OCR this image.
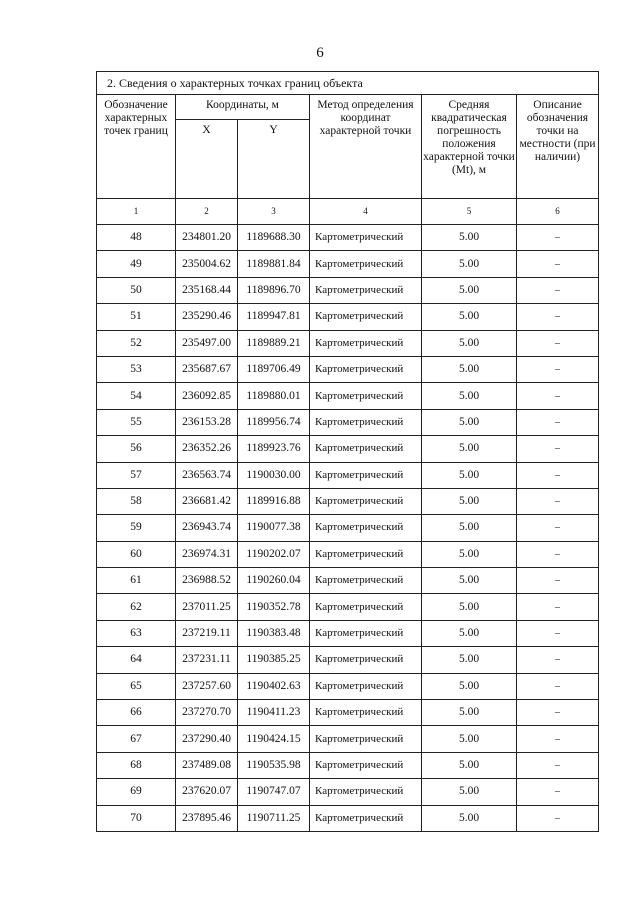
6
2. Сведения о характерных точках границ объекта					
Обозначение характерных точек границ	Координаты, м		Метод определения координат характерной точки	Средняя квадратическая погрешность положения характерной точки (Mt), м	Описание обозначения точки на местности (при наличии)
	X	Y			
1	2	3	4	5	6
48	234801.20	1189688.30	Картометрический	5.00	–
49	235004.62	1189881.84	Картометрический	5.00	–
50	235168.44	1189896.70	Картометрический	5.00	–
51	235290.46	1189947.81	Картометрический	5.00	–
52	235497.00	1189889.21	Картометрический	5.00	–
53	235687.67	1189706.49	Картометрический	5.00	–
54	236092.85	1189880.01	Картометрический	5.00	–
55	236153.28	1189956.74	Картометрический	5.00	–
56	236352.26	1189923.76	Картометрический	5.00	–
57	236563.74	1190030.00	Картометрический	5.00	–
58	236681.42	1189916.88	Картометрический	5.00	–
59	236943.74	1190077.38	Картометрический	5.00	–
60	236974.31	1190202.07	Картометрический	5.00	–
61	236988.52	1190260.04	Картометрический	5.00	–
62	237011.25	1190352.78	Картометрический	5.00	–
63	237219.11	1190383.48	Картометрический	5.00	–
64	237231.11	1190385.25	Картометрический	5.00	–
65	237257.60	1190402.63	Картометрический	5.00	–
66	237270.70	1190411.23	Картометрический	5.00	–
67	237290.40	1190424.15	Картометрический	5.00	–
68	237489.08	1190535.98	Картометрический	5.00	–
69	237620.07	1190747.07	Картометрический	5.00	–
70	237895.46	1190711.25	Картометрический	5.00	–
